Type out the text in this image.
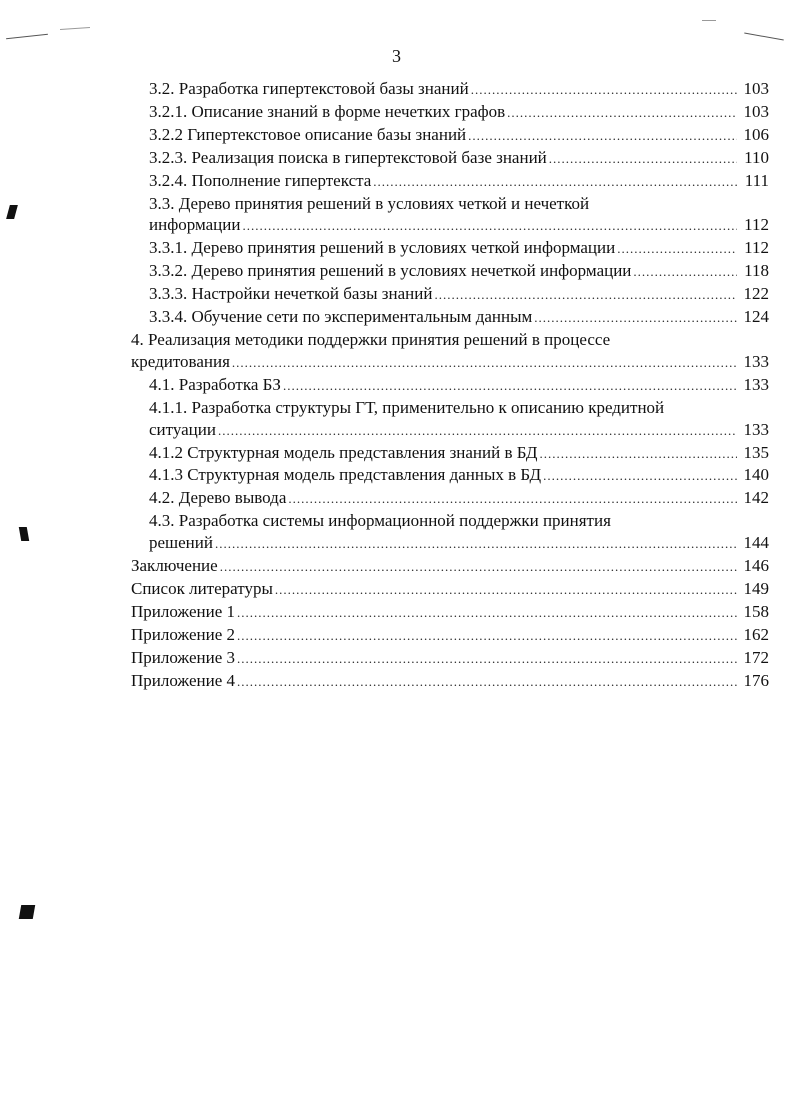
3
3.2. Разработка гипертекстовой базы знаний .....	103
3.2.1. Описание знаний в форме нечетких графов .....	103
3.2.2 Гипертекстовое описание базы знаний .....	106
3.2.3. Реализация поиска в гипертекстовой базе знаний .....	110
3.2.4. Пополнение гипертекста .....	111
3.3. Дерево принятия решений в условиях четкой и нечеткой
информации .....	112
3.3.1. Дерево принятия решений в условиях четкой информации .....	112
3.3.2. Дерево принятия решений в условиях нечеткой информации .....	118
3.3.3. Настройки нечеткой базы знаний .....	122
3.3.4. Обучение сети по экспериментальным данным .....	124
4. Реализация методики поддержки принятия решений в процессе
кредитования .....	133
4.1. Разработка БЗ .....	133
4.1.1. Разработка структуры ГТ, применительно к описанию кредитной
ситуации .....	133
4.1.2 Структурная модель представления знаний в БД .....	135
4.1.3 Структурная модель представления данных в БД .....	140
4.2. Дерево вывода .....	142
4.3. Разработка системы информационной поддержки принятия
решений .....	144
Заключение .....	146
Список литературы .....	149
Приложение 1 .....	158
Приложение 2 .....	162
Приложение 3 .....	172
Приложение 4 .....	176
